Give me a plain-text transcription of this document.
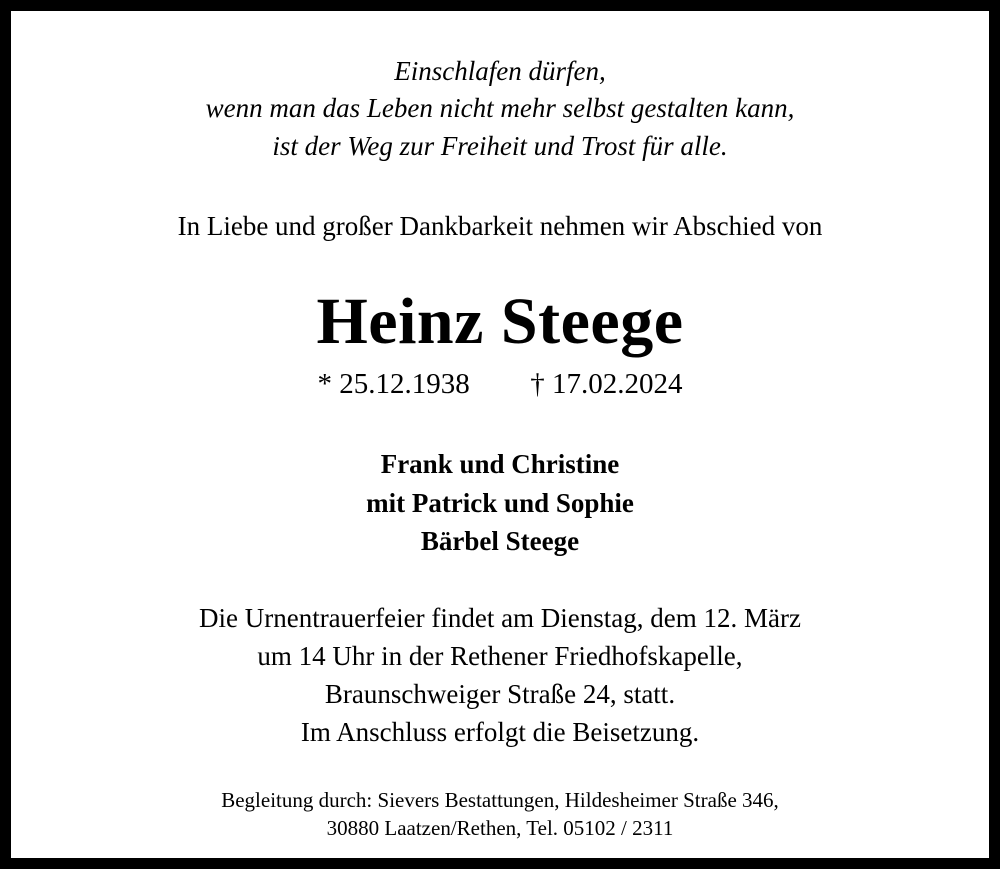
Einschlafen dürfen,
wenn man das Leben nicht mehr selbst gestalten kann,
ist der Weg zur Freiheit und Trost für alle.
In Liebe und großer Dankbarkeit nehmen wir Abschied von
Heinz Steege
* 25.12.1938 † 17.02.2024
Frank und Christine
mit Patrick und Sophie
Bärbel Steege
Die Urnentrauerfeier findet am Dienstag, dem 12. März
um 14 Uhr in der Rethener Friedhofskapelle,
Braunschweiger Straße 24, statt.
Im Anschluss erfolgt die Beisetzung.
Begleitung durch: Sievers Bestattungen, Hildesheimer Straße 346,
30880 Laatzen/Rethen, Tel. 05102 / 2311
